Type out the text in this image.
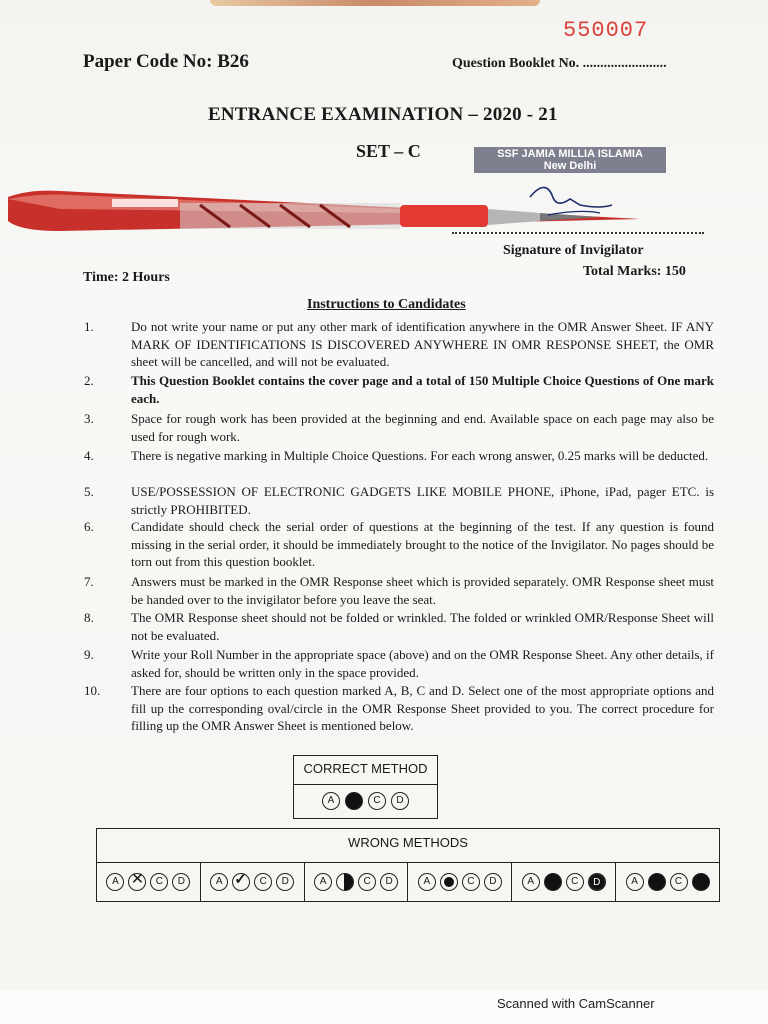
550007
Paper Code No: B26	Question Booklet No. ........................
ENTRANCE EXAMINATION – 2020 - 21
SET – C	SSF JAMIA MILLIA ISLAMIA
New Delhi
Signature of Invigilator
Time: 2 Hours	Total Marks: 150
Instructions to Candidates
1.	Do not write your name or put any other mark of identification anywhere in the OMR Answer Sheet. IF ANY MARK OF IDENTIFICATIONS IS DISCOVERED ANYWHERE IN OMR RESPONSE SHEET, the OMR sheet will be cancelled, and will not be evaluated.
2.	This Question Booklet contains the cover page and a total of 150 Multiple Choice Questions of One mark each.
3.	Space for rough work has been provided at the beginning and end. Available space on each page may also be used for rough work.
4.	There is negative marking in Multiple Choice Questions. For each wrong answer, 0.25 marks will be deducted.
5.	USE/POSSESSION OF ELECTRONIC GADGETS LIKE MOBILE PHONE, iPhone, iPad, pager ETC. is strictly PROHIBITED.
6.	Candidate should check the serial order of questions at the beginning of the test. If any question is found missing in the serial order, it should be immediately brought to the notice of the Invigilator. No pages should be torn out from this question booklet.
7.	Answers must be marked in the OMR Response sheet which is provided separately. OMR Response sheet must be handed over to the invigilator before you leave the seat.
8.	The OMR Response sheet should not be folded or wrinkled. The folded or wrinkled OMR/Response Sheet will not be evaluated.
9.	Write your Roll Number in the appropriate space (above) and on the OMR Response Sheet. Any other details, if asked for, should be written only in the space provided.
10. There are four options to each question marked A, B, C and D. Select one of the most appropriate options and fill up the corresponding oval/circle in the OMR Response Sheet provided to you. The correct procedure for filling up the OMR Answer Sheet is mentioned below.
CORRECT METHOD
A	C	D
WRONG METHODS
A ✕	C	D	A ✓	C	D	A	C	D	A	C	D	A	C	D	A	C
Scanned with CamScanner
